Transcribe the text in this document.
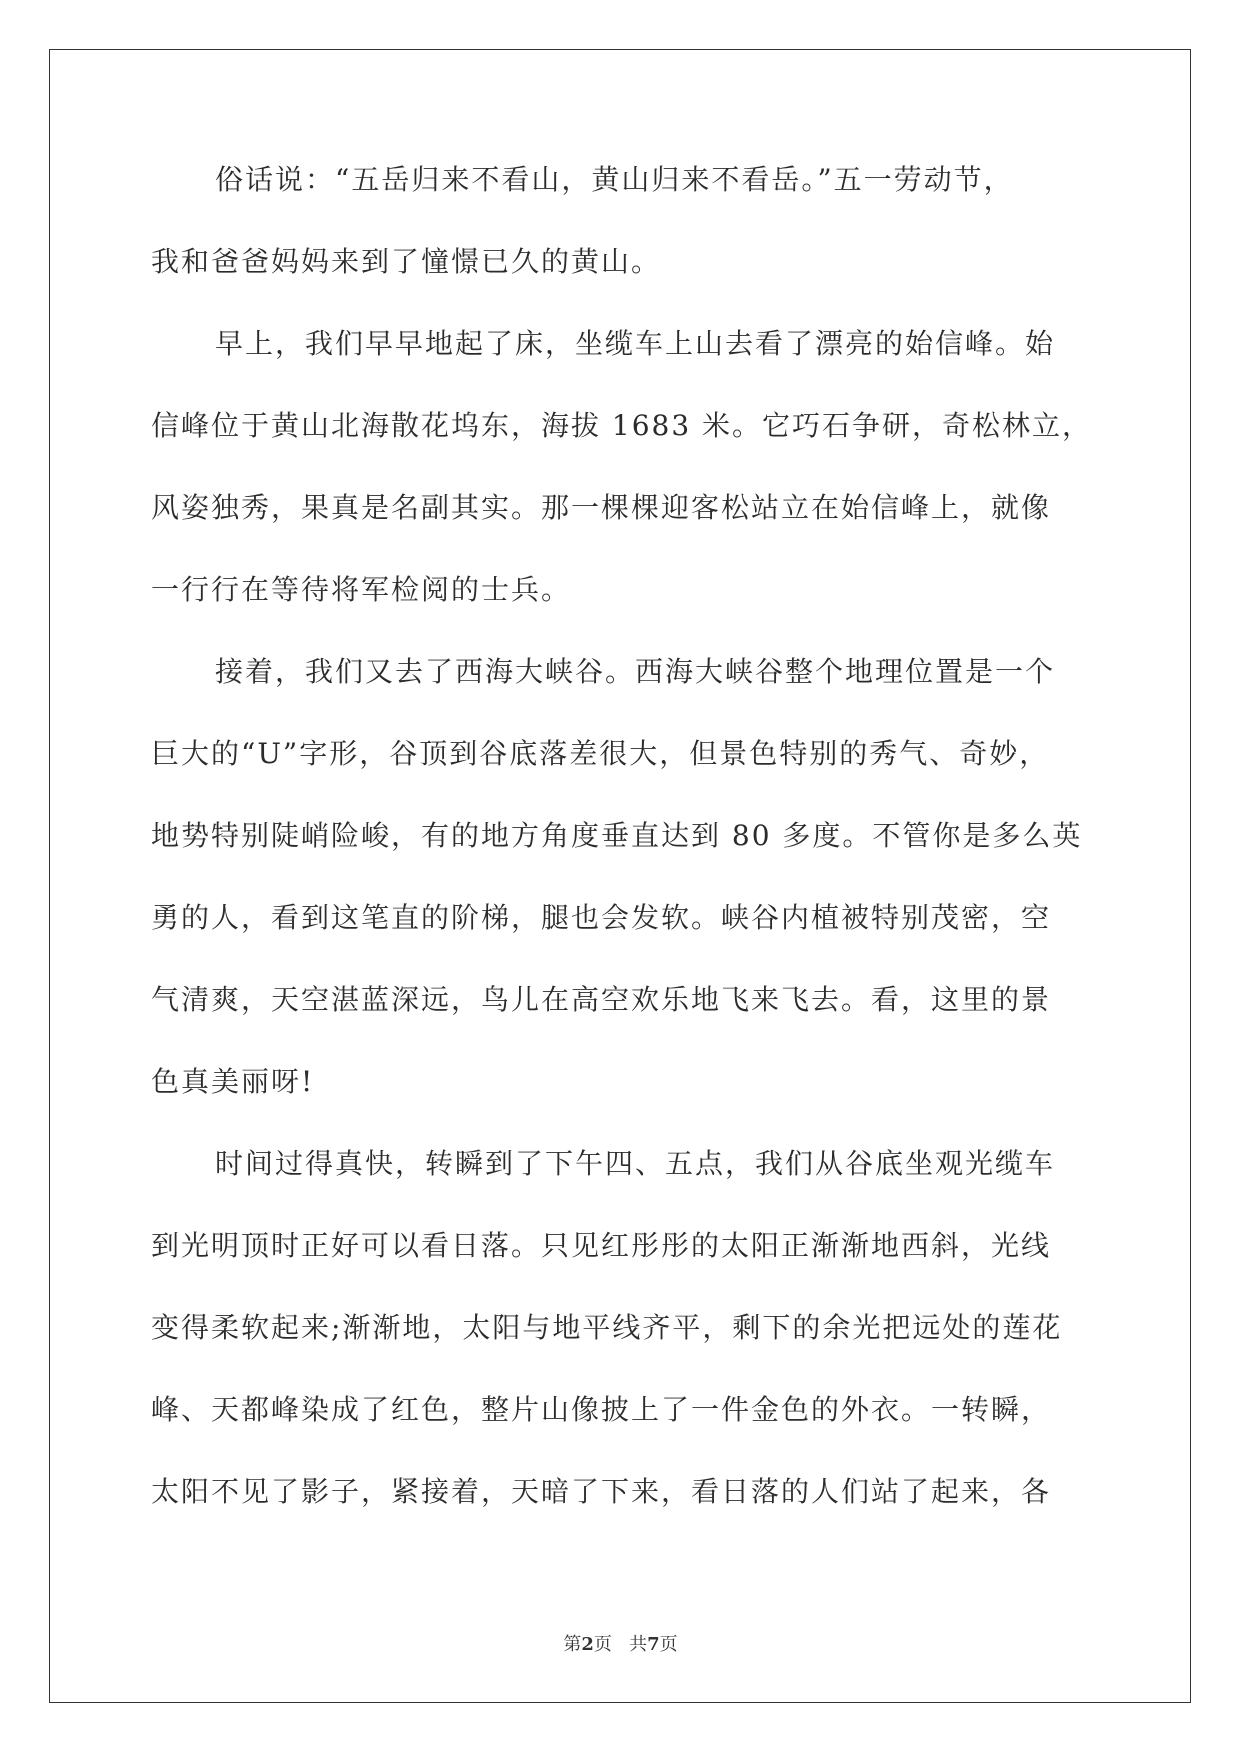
俗话说：“五岳归来不看山，黄山归来不看岳。”五一劳动节，
我和爸爸妈妈来到了憧憬已久的黄山。
早上，我们早早地起了床，坐缆车上山去看了漂亮的始信峰。始
信峰位于黄山北海散花坞东，海拔 1683 米。它巧石争研，奇松林立，
风姿独秀，果真是名副其实。那一棵棵迎客松站立在始信峰上，就像
一行行在等待将军检阅的士兵。
接着，我们又去了西海大峡谷。西海大峡谷整个地理位置是一个
巨大的“U”字形，谷顶到谷底落差很大，但景色特别的秀气、奇妙，
地势特别陡峭险峻，有的地方角度垂直达到 80 多度。不管你是多么英
勇的人，看到这笔直的阶梯，腿也会发软。峡谷内植被特别茂密，空
气清爽，天空湛蓝深远，鸟儿在高空欢乐地飞来飞去。看，这里的景
色真美丽呀!
时间过得真快，转瞬到了下午四、五点，我们从谷底坐观光缆车
到光明顶时正好可以看日落。只见红彤彤的太阳正渐渐地西斜，光线
变得柔软起来;渐渐地，太阳与地平线齐平，剩下的余光把远处的莲花
峰、天都峰染成了红色，整片山像披上了一件金色的外衣。一转瞬，
太阳不见了影子，紧接着，天暗了下来，看日落的人们站了起来，各
第2页   共7页
